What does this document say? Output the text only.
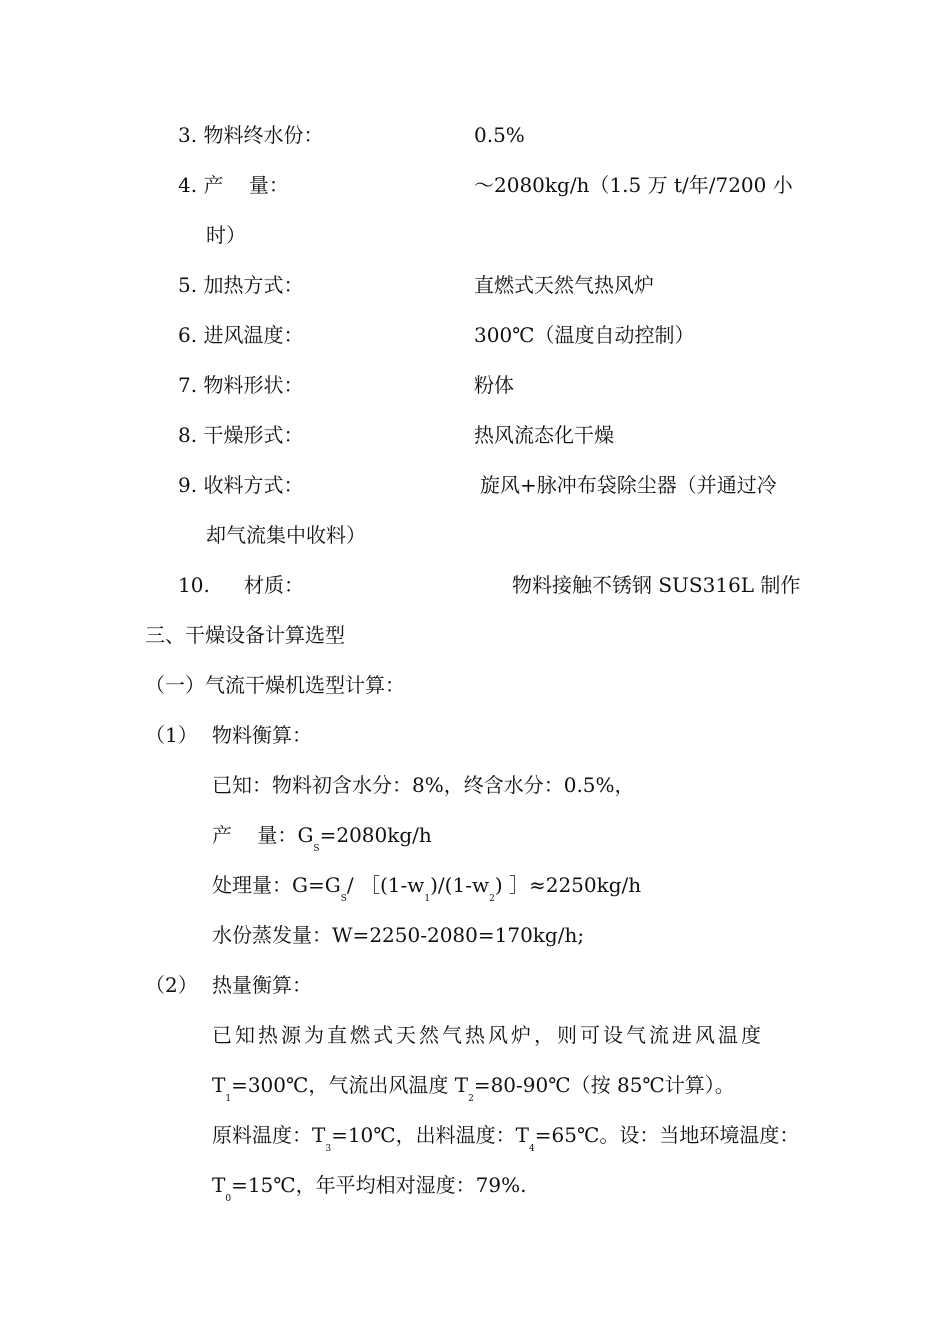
3. 物料终水份：	0.5%
4. 产    量：	～2080kg/h（1.5 万 t/年/7200 小
时）
5. 加热方式：	直燃式天然气热风炉
6. 进风温度：	300℃（温度自动控制）
7. 物料形状：	粉体
8. 干燥形式：	热风流态化干燥
9. 收料方式：	旋风+脉冲布袋除尘器（并通过冷
却气流集中收料）
10. 材质：	物料接触不锈钢 SUS316L 制作
三、干燥设备计算选型
（一）气流干燥机选型计算：
（1） 物料衡算：
已知：物料初含水分：8%，终含水分：0.5%，
产    量：$G_S=2080kg/h$
处理量：$G=G_S/$ $[(1-w_1)/(1-w_2)$ ］≈2250kg/h
水份蒸发量：W=2250-2080=170kg/h;
（2） 热量衡算：
已知热源为直燃式天然气热风炉，则可设气流进风温度
$T_1=300℃$，气流出风温度 $T_2=80-90℃$（按 85℃计算）。
原料温度：$T_3=10℃$，出料温度：$T_4=65℃$。设：当地环境温度：
$T_0=15℃$，年平均相对湿度：79%.
